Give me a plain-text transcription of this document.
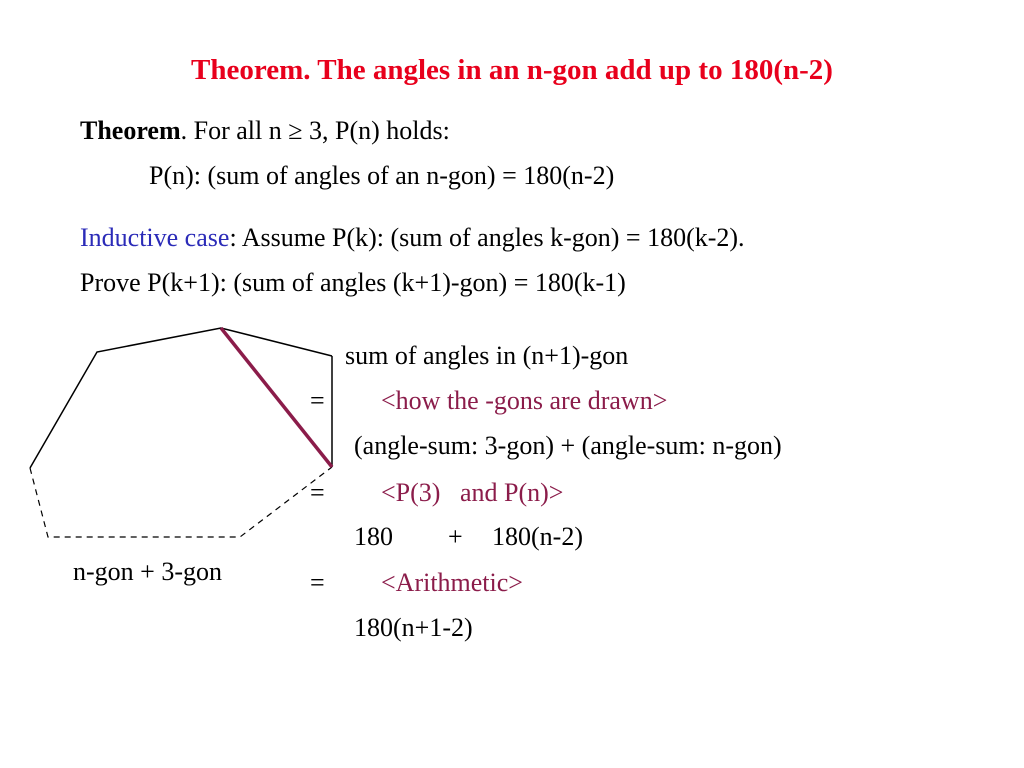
Theorem. The angles in an n-gon add up to 180(n-2)
Theorem. For all n ≥ 3, P(n) holds:
P(n): (sum of angles of an n-gon) = 180(n-2)
Inductive case: Assume P(k): (sum of angles k-gon) = 180(k-2).
Prove P(k+1): (sum of angles (k+1)-gon) = 180(k-1)
n-gon + 3-gon
sum of angles in (n+1)-gon
= <how the -gons are drawn>
(angle-sum: 3-gon) + (angle-sum: n-gon)
= <P(3)   and P(n)>
180 + 180(n-2)
= <Arithmetic>
180(n+1-2)
